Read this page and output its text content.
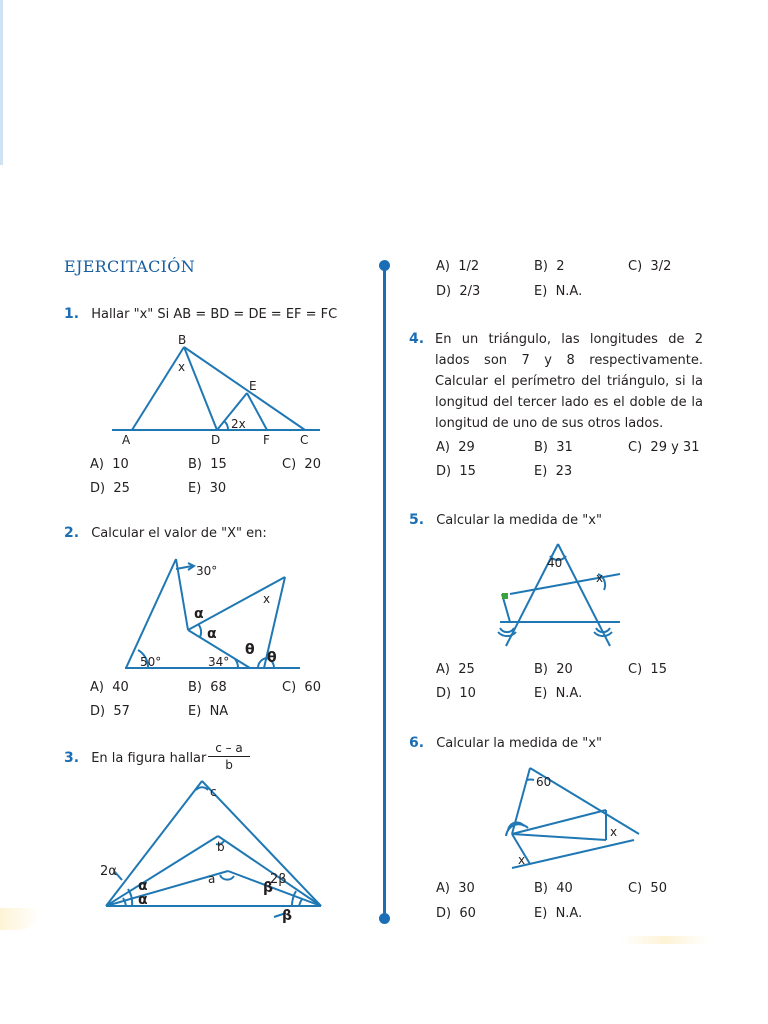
EJERCITACIÓN
1. Hallar "x" Si AB = BD = DE = EF = FC
B
x
E
2x
A	D	F	C
A) 10	B) 15	C) 20
D) 25	E) 30
2. Calcular el valor de "X" en:
30°
x
α
α
θ θ
50°	34°
A) 40	B) 68	C) 60
D) 57	E) NA
3. En la figura hallar $\frac{c - a}{b}$
c
b
a
2α
α
α
2β
β
β
A) 1/2	B) 2	C) 3/2
D) 2/3	E) N.A.
4. En un triángulo, las longitudes de 2 lados son 7 y 8 respectivamente. Calcular el perímetro del triángulo, si la longitud del tercer lado es el doble de la longitud de uno de sus otros lados.
A) 29	B) 31	C) 29 y 31
D) 15	E) 23
5. Calcular la medida de "x"
40
x
A) 25	B) 20	C) 15
D) 10	E) N.A.
6. Calcular la medida de "x"
60
x
x
A) 30	B) 40	C) 50
D) 60	E) N.A.
